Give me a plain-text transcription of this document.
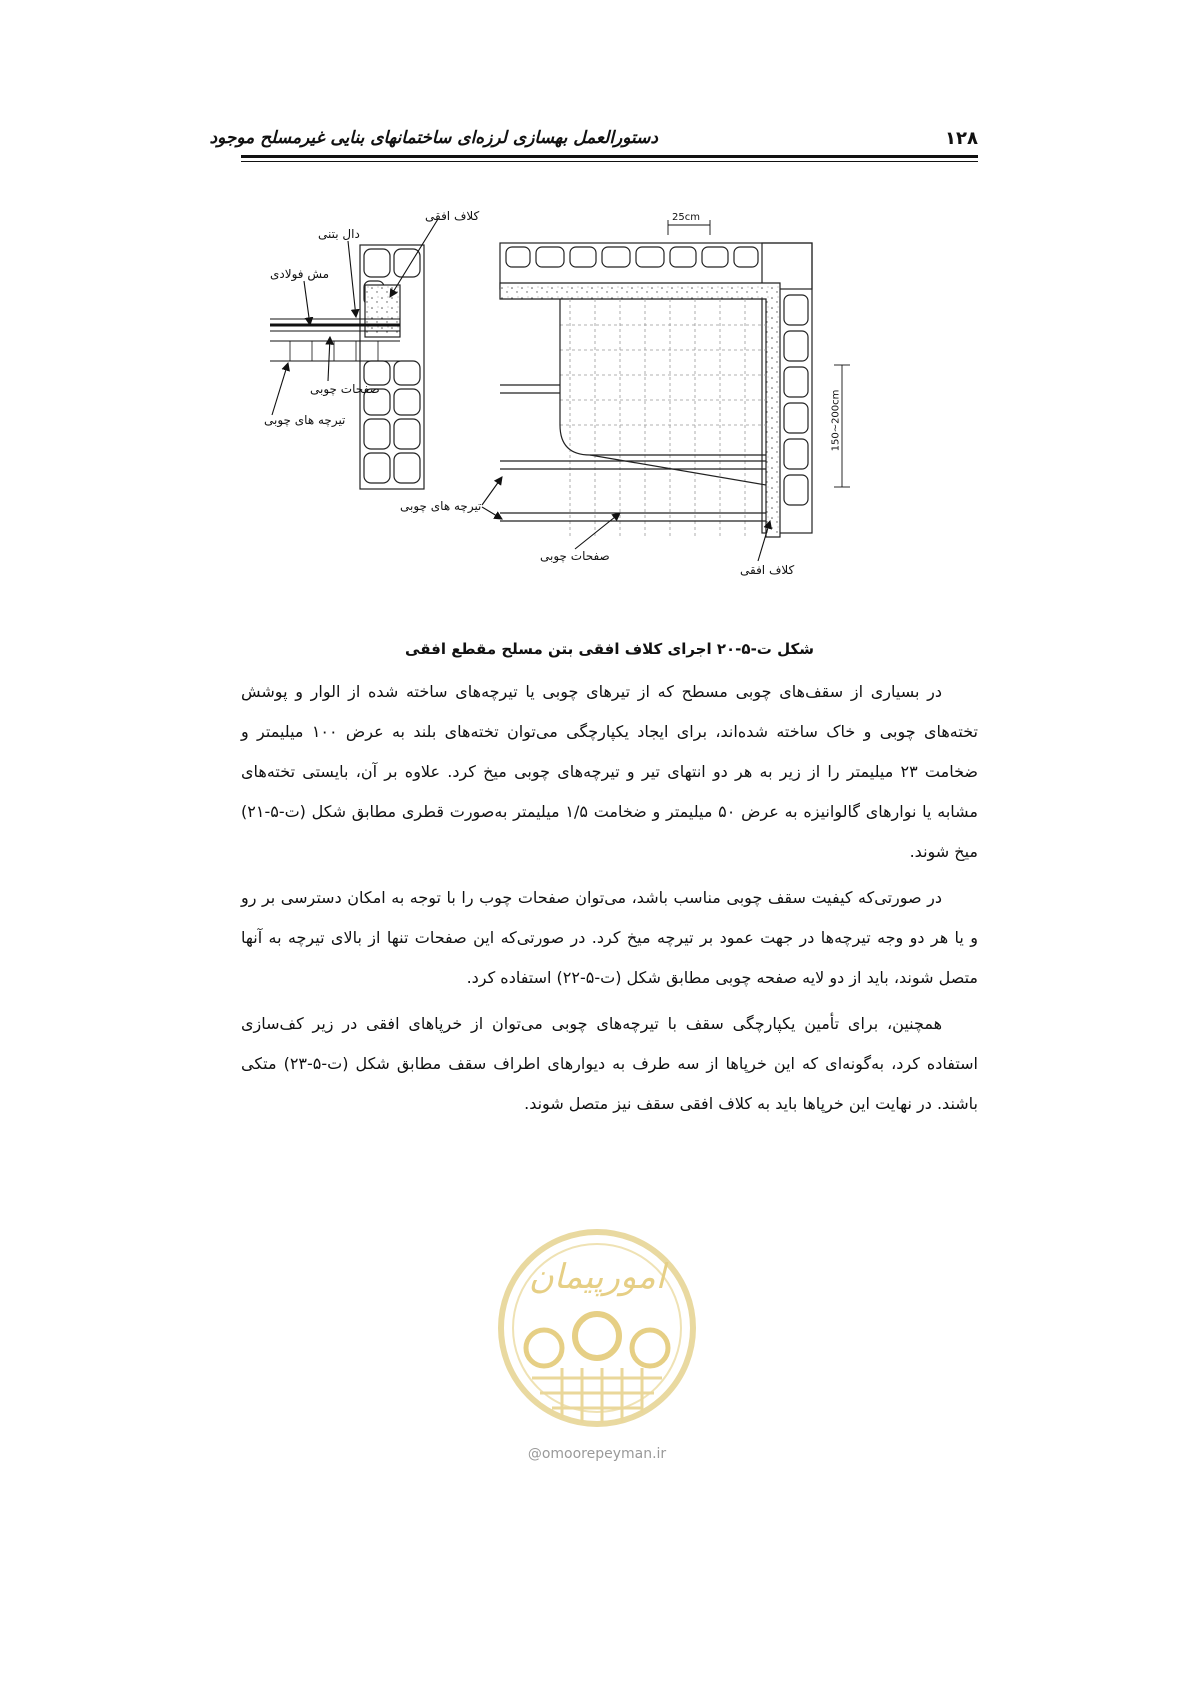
دستورالعمل بهسازی لرزه‌ای ساختمانهای بنایی غیرمسلح موجود	۱۲۸
کلاف افقی
دال بتنی
مش فولادی
صفحات چوبی
تیرچه های چوبی
25cm
150~200cm
تیرچه های چوبی
صفحات چوبی
کلاف افقی
شکل ت-۵-۲۰ اجرای کلاف افقی بتن مسلح مقطع افقی

در بسیاری از سقف‌های چوبی مسطح که از تیرهای چوبی یا تیرچه‌های ساخته شده از الوار و پوشش تخته‌های چوبی و خاک ساخته شده‌اند، برای ایجاد یکپارچگی می‌توان تخته‌های بلند به عرض ۱۰۰ میلیمتر و ضخامت ۲۳ میلیمتر را از زیر به هر دو انتهای تیر و تیرچه‌های چوبی میخ کرد. علاوه بر آن، بایستی تخته‌های مشابه یا نوارهای گالوانیزه به عرض ۵۰ میلیمتر و ضخامت ۱/۵ میلیمتر به‌صورت قطری مطابق شکل (ت-۵-۲۱) میخ شوند.

در صورتی‌که کیفیت سقف چوبی مناسب باشد، می‌توان صفحات چوب را با توجه به امکان دسترسی بر رو و یا هر دو وجه تیرچه‌ها در جهت عمود بر تیرچه میخ کرد. در صورتی‌که این صفحات تنها از بالای تیرچه به آنها متصل شوند، باید از دو لایه صفحه چوبی مطابق شکل (ت-۵-۲۲) استفاده کرد.

همچنین، برای تأمین یکپارچگی سقف با تیرچه‌های چوبی می‌توان از خرپاهای افقی در زیر کف‌سازی استفاده کرد، به‌گونه‌ای که این خرپاها از سه طرف به دیوارهای اطراف سقف مطابق شکل (ت-۵-۲۳) متکی باشند. در نهایت این خرپاها باید به کلاف افقی سقف نیز متصل شوند.

امورپیمان
@omoorepeyman.ir
